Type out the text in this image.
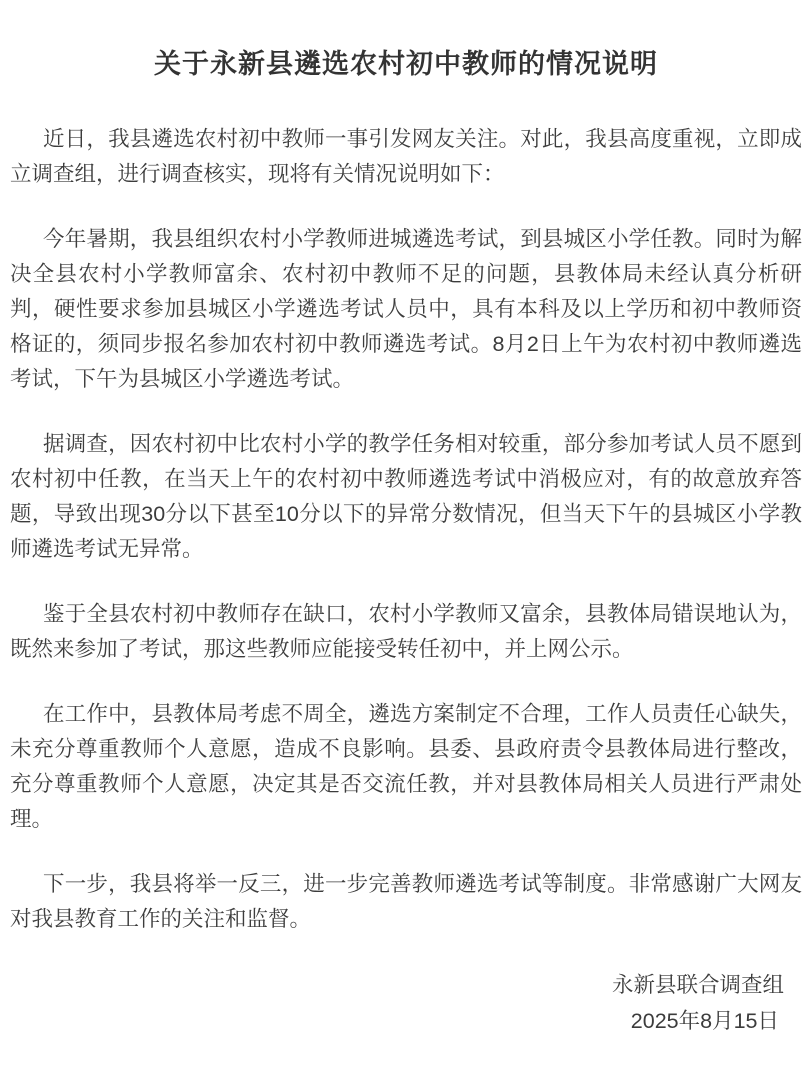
关于永新县遴选农村初中教师的情况说明

近日，我县遴选农村初中教师一事引发网友关注。对此，我县高度重视，立即成立调查组，进行调查核实，现将有关情况说明如下：

今年暑期，我县组织农村小学教师进城遴选考试，到县城区小学任教。同时为解决全县农村小学教师富余、农村初中教师不足的问题，县教体局未经认真分析研判，硬性要求参加县城区小学遴选考试人员中，具有本科及以上学历和初中教师资格证的，须同步报名参加农村初中教师遴选考试。8月2日上午为农村初中教师遴选考试，下午为县城区小学遴选考试。

据调查，因农村初中比农村小学的教学任务相对较重，部分参加考试人员不愿到农村初中任教，在当天上午的农村初中教师遴选考试中消极应对，有的故意放弃答题，导致出现30分以下甚至10分以下的异常分数情况，但当天下午的县城区小学教师遴选考试无异常。

鉴于全县农村初中教师存在缺口，农村小学教师又富余，县教体局错误地认为，既然来参加了考试，那这些教师应能接受转任初中，并上网公示。

在工作中，县教体局考虑不周全，遴选方案制定不合理，工作人员责任心缺失，未充分尊重教师个人意愿，造成不良影响。县委、县政府责令县教体局进行整改，充分尊重教师个人意愿，决定其是否交流任教，并对县教体局相关人员进行严肃处理。

下一步，我县将举一反三，进一步完善教师遴选考试等制度。非常感谢广大网友对我县教育工作的关注和监督。

永新县联合调查组

2025年8月15日
